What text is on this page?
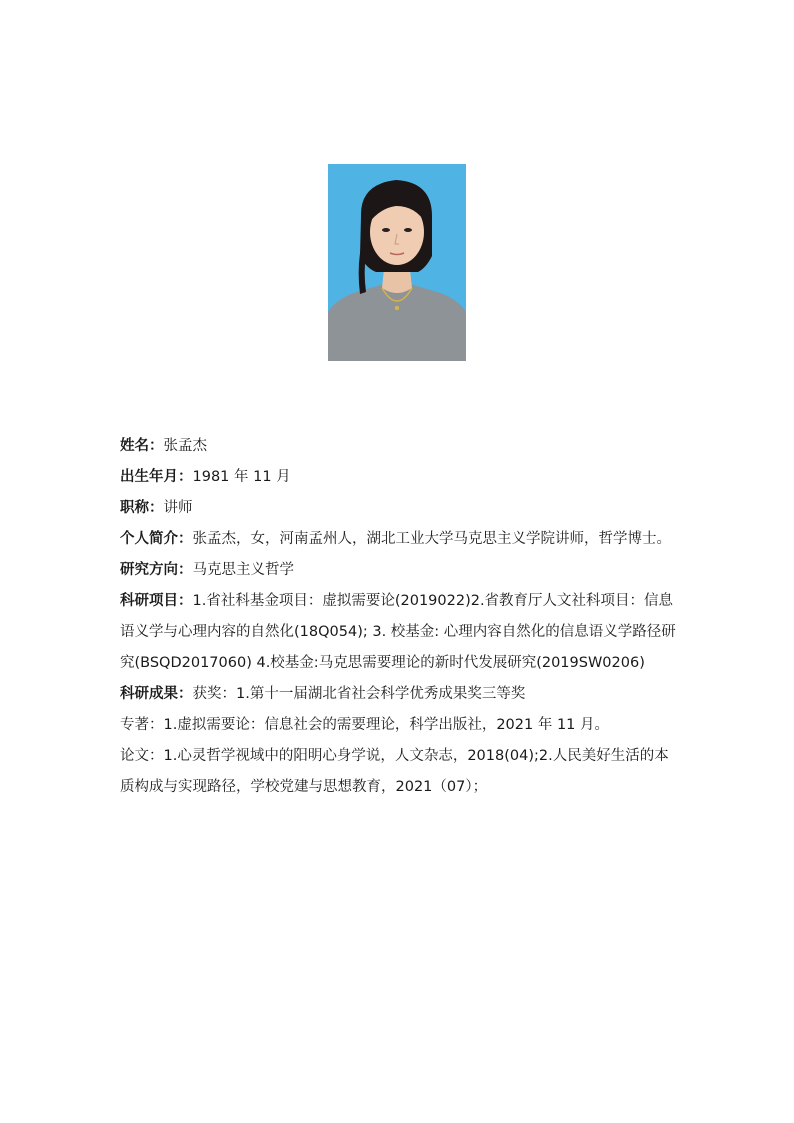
姓名：张孟杰
出生年月：1981 年 11 月
职称：讲师
个人简介：张孟杰，女，河南孟州人，湖北工业大学马克思主义学院讲师，哲学博士。
研究方向：马克思主义哲学
科研项目：1.省社科基金项目：虚拟需要论(2019022)2.省教育厅人文社科项目：信息语义学与心理内容的自然化(18Q054); 3. 校基金: 心理内容自然化的信息语义学路径研究(BSQD2017060) 4.校基金:马克思需要理论的新时代发展研究(2019SW0206)
科研成果：获奖：1.第十一届湖北省社会科学优秀成果奖三等奖
专著：1.虚拟需要论：信息社会的需要理论，科学出版社，2021 年 11 月。
论文：1.心灵哲学视域中的阳明心身学说，人文杂志，2018(04);2.人民美好生活的本质构成与实现路径，学校党建与思想教育，2021（07）；
